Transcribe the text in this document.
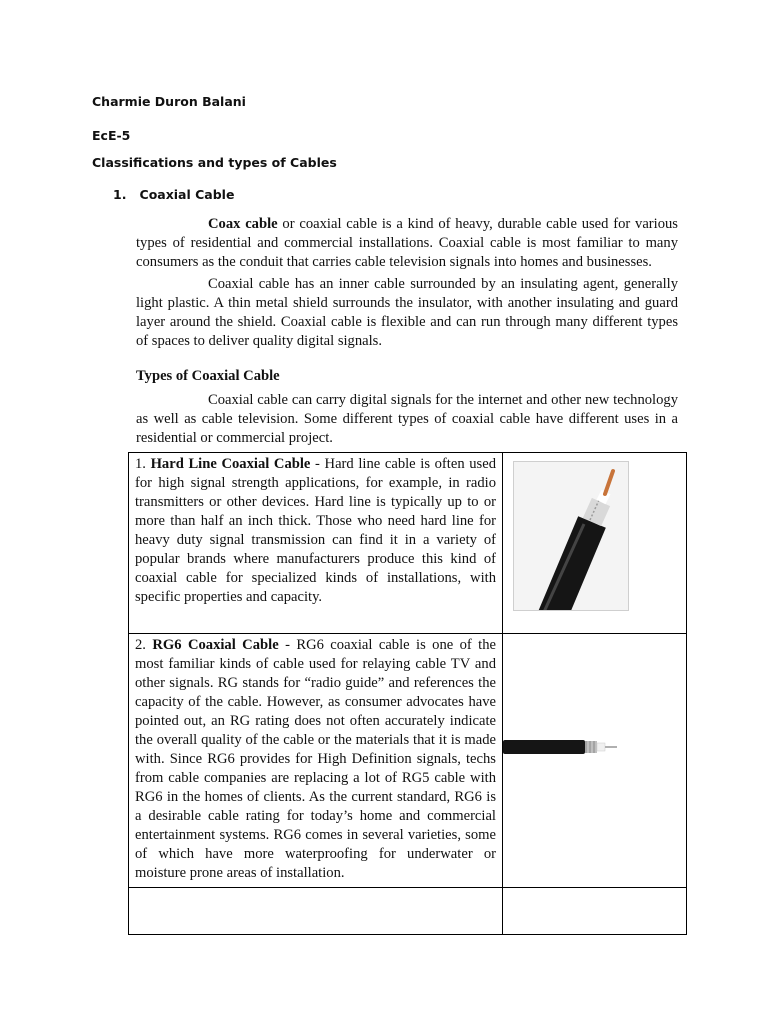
Charmie Duron Balani

EcE-5

Classifications and types of Cables

1. Coaxial Cable

Coax cable or coaxial cable is a kind of heavy, durable cable used for various types of residential and commercial installations. Coaxial cable is most familiar to many consumers as the conduit that carries cable television signals into homes and businesses.

Coaxial cable has an inner cable surrounded by an insulating agent, generally light plastic. A thin metal shield surrounds the insulator, with another insulating and guard layer around the shield. Coaxial cable is flexible and can run through many different types of spaces to deliver quality digital signals.

Types of Coaxial Cable

Coaxial cable can carry digital signals for the internet and other new technology as well as cable television. Some different types of coaxial cable have different uses in a residential or commercial project.

1. Hard Line Coaxial Cable - Hard line cable is often used for high signal strength applications, for example, in radio transmitters or other devices. Hard line is typically up to or more than half an inch thick. Those who need hard line for heavy duty signal transmission can find it in a variety of popular brands where manufacturers produce this kind of coaxial cable for specialized kinds of installations, with specific properties and capacity.

2. RG6 Coaxial Cable - RG6 coaxial cable is one of the most familiar kinds of cable used for relaying cable TV and other signals. RG stands for “radio guide” and references the capacity of the cable. However, as consumer advocates have pointed out, an RG rating does not often accurately indicate the overall quality of the cable or the materials that it is made with. Since RG6 provides for High Definition signals, techs from cable companies are replacing a lot of RG5 cable with RG6 in the homes of clients. As the current standard, RG6 is a desirable cable rating for today’s home and commercial entertainment systems. RG6 comes in several varieties, some of which have more waterproofing for underwater or moisture prone areas of installation.
